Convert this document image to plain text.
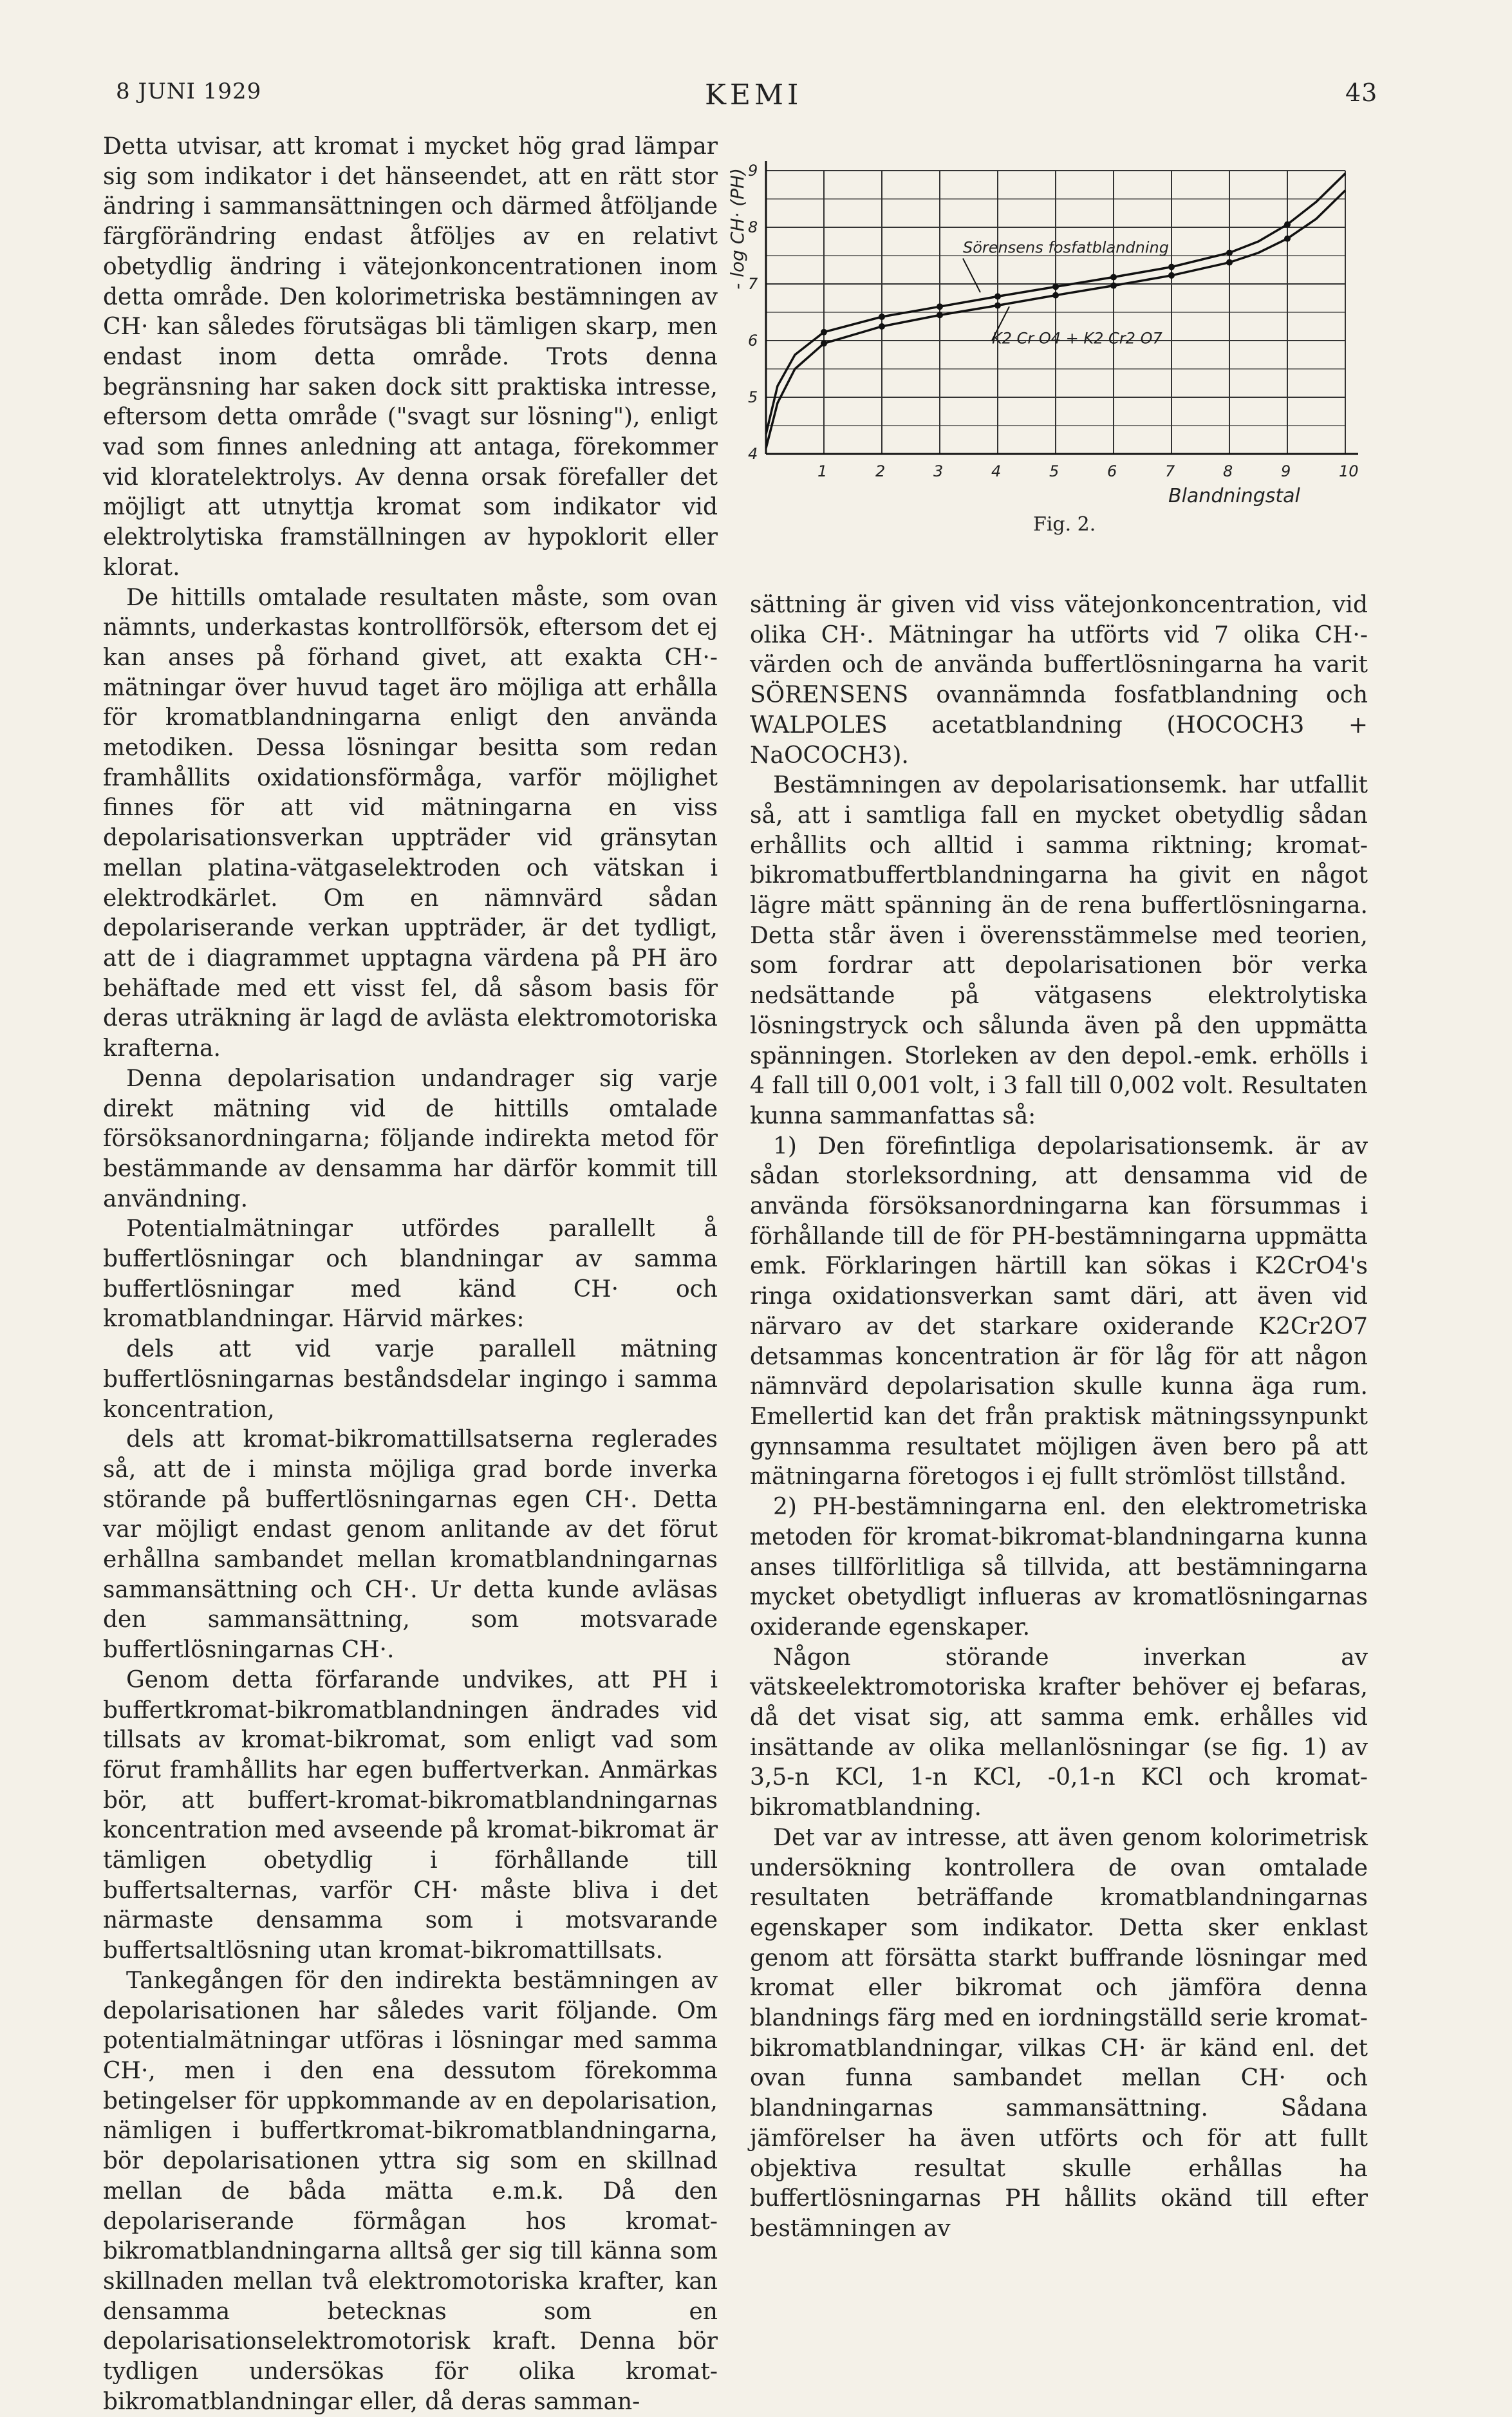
8 JUNI 1929	KEMI	43

Detta utvisar, att kromat i mycket hög grad lämpar sig som indikator i det hänseendet, att en rätt stor ändring i sammansättningen och därmed åtföljande färgförändring endast åtföljes av en relativt obetydlig ändring i vätejonkoncentrationen inom detta område. Den kolorimetriska bestämningen av CH· kan således förutsägas bli tämligen skarp, men endast inom detta område. Trots denna begränsning har saken dock sitt praktiska intresse, eftersom detta område ("svagt sur lösning"), enligt vad som finnes anledning att antaga, förekommer vid kloratelektrolys. Av denna orsak förefaller det möjligt att utnyttja kromat som indikator vid elektrolytiska framställningen av hypoklorit eller klorat.

De hittills omtalade resultaten måste, som ovan nämnts, underkastas kontrollförsök, eftersom det ej kan anses på förhand givet, att exakta CH·-mätningar över huvud taget äro möjliga att erhålla för kromatblandningarna enligt den använda metodiken. Dessa lösningar besitta som redan framhållits oxidationsförmåga, varför möjlighet finnes för att vid mätningarna en viss depolarisationsverkan uppträder vid gränsytan mellan platina-vätgaselektroden och vätskan i elektrodkärlet. Om en nämnvärd sådan depolariserande verkan uppträder, är det tydligt, att de i diagrammet upptagna värdena på PH äro behäftade med ett visst fel, då såsom basis för deras uträkning är lagd de avlästa elektromotoriska krafterna.

Denna depolarisation undandrager sig varje direkt mätning vid de hittills omtalade försöksanordningarna; följande indirekta metod för bestämmande av densamma har därför kommit till användning.

Potentialmätningar utfördes parallellt å buffertlösningar och blandningar av samma buffertlösningar med känd CH· och kromatblandningar. Härvid märkes:

dels att vid varje parallell mätning buffertlösningarnas beståndsdelar ingingo i samma koncentration,

dels att kromat-bikromattillsatserna reglerades så, att de i minsta möjliga grad borde inverka störande på buffertlösningarnas egen CH·. Detta var möjligt endast genom anlitande av det förut erhållna sambandet mellan kromatblandningarnas sammansättning och CH·. Ur detta kunde avläsas den sammansättning, som motsvarade buffertlösningarnas CH·.

Genom detta förfarande undvikes, att PH i buffertkromat-bikromatblandningen ändrades vid tillsats av kromat-bikromat, som enligt vad som förut framhållits har egen buffertverkan. Anmärkas bör, att buffert-kromat-bikromatblandningarnas koncentration med avseende på kromat-bikromat är tämligen obetydlig i förhållande till buffertsalternas, varför CH· måste bliva i det närmaste densamma som i motsvarande buffertsaltlösning utan kromat-bikromattillsats.

Tankegången för den indirekta bestämningen av depolarisationen har således varit följande. Om potentialmätningar utföras i lösningar med samma CH·, men i den ena dessutom förekomma betingelser för uppkommande av en depolarisation, nämligen i buffertkromat-bikromatblandningarna, bör depolarisationen yttra sig som en skillnad mellan de båda mätta e.m.k. Då den depolariserande förmågan hos kromat-bikromatblandningarna alltså ger sig till känna som skillnaden mellan två elektromotoriska krafter, kan densamma betecknas som en depolarisationselektromotorisk kraft. Denna bör tydligen undersökas för olika kromat-bikromatblandningar eller, då deras samman-

1	2	3	4	5	6	7	8	9	10
4
5
6
7
8
9
- log CH· (PH)
Blandningstal
Sörensens fosfatblandning
K2 Cr O4 + K2 Cr2 O7
Fig. 2.

sättning är given vid viss vätejonkoncentration, vid olika CH·. Mätningar ha utförts vid 7 olika CH·-värden och de använda buffertlösningarna ha varit SÖRENSENS ovannämnda fosfatblandning och WALPOLES acetatblandning (HOCOCH3 + NaOCOCH3).

Bestämningen av depolarisationsemk. har utfallit så, att i samtliga fall en mycket obetydlig sådan erhållits och alltid i samma riktning; kromat-bikromatbuffertblandningarna ha givit en något lägre mätt spänning än de rena buffertlösningarna. Detta står även i överensstämmelse med teorien, som fordrar att depolarisationen bör verka nedsättande på vätgasens elektrolytiska lösningstryck och sålunda även på den uppmätta spänningen. Storleken av den depol.-emk. erhölls i 4 fall till 0,001 volt, i 3 fall till 0,002 volt. Resultaten kunna sammanfattas så:

1) Den förefintliga depolarisationsemk. är av sådan storleksordning, att densamma vid de använda försöksanordningarna kan försummas i förhållande till de för PH-bestämningarna uppmätta emk. Förklaringen härtill kan sökas i K2CrO4's ringa oxidationsverkan samt däri, att även vid närvaro av det starkare oxiderande K2Cr2O7 detsammas koncentration är för låg för att någon nämnvärd depolarisation skulle kunna äga rum. Emellertid kan det från praktisk mätningssynpunkt gynnsamma resultatet möjligen även bero på att mätningarna företogos i ej fullt strömlöst tillstånd.

2) PH-bestämningarna enl. den elektrometriska metoden för kromat-bikromat-blandningarna kunna anses tillförlitliga så tillvida, att bestämningarna mycket obetydligt influeras av kromatlösningarnas oxiderande egenskaper.

Någon störande inverkan av vätskeelektromotoriska krafter behöver ej befaras, då det visat sig, att samma emk. erhålles vid insättande av olika mellanlösningar (se fig. 1) av 3,5-n KCl, 1-n KCl, -0,1-n KCl och kromat-bikromatblandning.

Det var av intresse, att även genom kolorimetrisk undersökning kontrollera de ovan omtalade resultaten beträffande kromatblandningarnas egenskaper som indikator. Detta sker enklast genom att försätta starkt buffrande lösningar med kromat eller bikromat och jämföra denna blandnings färg med en iordningställd serie kromat-bikromatblandningar, vilkas CH· är känd enl. det ovan funna sambandet mellan CH· och blandningarnas sammansättning. Sådana jämförelser ha även utförts och för att fullt objektiva resultat skulle erhållas ha buffertlösningarnas PH hållits okänd till efter bestämningen av
